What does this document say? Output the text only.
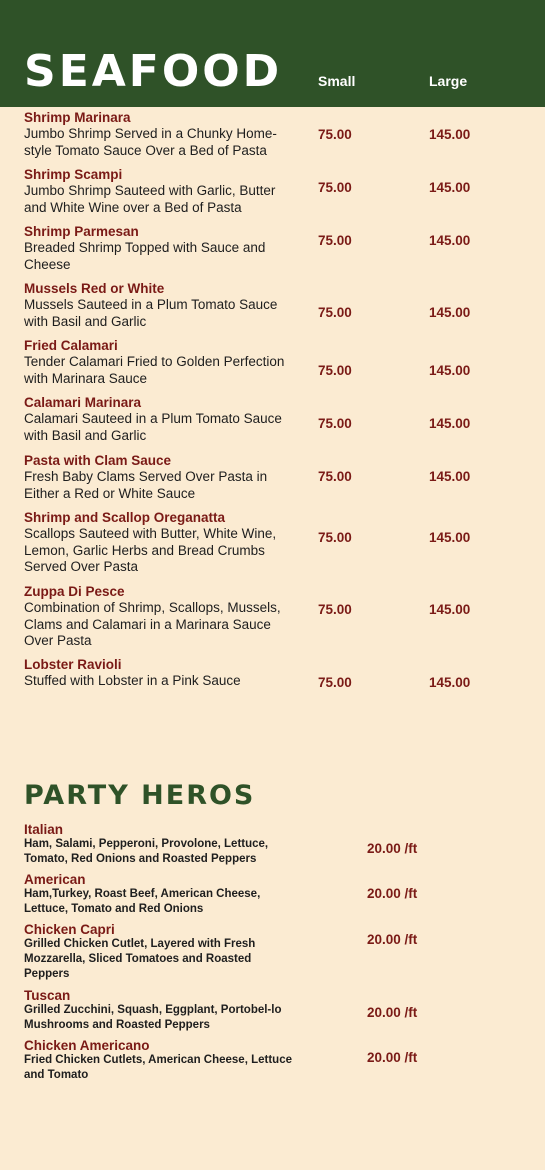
SEAFOOD	Small	Large
Shrimp Marinara
Jumbo Shrimp Served in a Chunky Home-style Tomato Sauce Over a Bed of Pasta
75.00	145.00
Shrimp Scampi
Jumbo Shrimp Sauteed with Garlic, Butter and White Wine over a Bed of Pasta
75.00	145.00
Shrimp Parmesan
Breaded Shrimp Topped with Sauce and Cheese
75.00	145.00
Mussels Red or White
Mussels Sauteed in a Plum Tomato Sauce with Basil and Garlic
75.00	145.00
Fried Calamari
Tender Calamari Fried to Golden Perfection with Marinara Sauce	75.00	145.00
Calamari Marinara
Calamari Sauteed in a Plum Tomato Sauce with Basil and Garlic
75.00	145.00
Pasta with Clam Sauce
Fresh Baby Clams Served Over Pasta in Either a Red or White Sauce
75.00	145.00
Shrimp and Scallop Oreganatta
Scallops Sauteed with Butter, White Wine, Lemon, Garlic Herbs and Bread Crumbs Served Over Pasta
75.00	145.00
Zuppa Di Pesce
Combination of Shrimp, Scallops, Mussels, Clams and Calamari in a Marinara Sauce Over Pasta
75.00	145.00
Lobster Ravioli
Stuffed with Lobster in a Pink Sauce	75.00	145.00
PARTY HEROS
Italian
Ham, Salami, Pepperoni, Provolone, Lettuce, Tomato, Red Onions and Roasted Peppers
20.00 /ft
American
Ham,Turkey, Roast Beef, American Cheese, Lettuce, Tomato and Red Onions
20.00 /ft
Chicken Capri
Grilled Chicken Cutlet, Layered with Fresh Mozzarella, Sliced Tomatoes and Roasted Peppers
20.00 /ft
Tuscan
Grilled Zucchini, Squash, Eggplant, Portobel-lo Mushrooms and Roasted Peppers
20.00 /ft
Chicken Americano
Fried Chicken Cutlets, American Cheese, Lettuce and Tomato
20.00 /ft
